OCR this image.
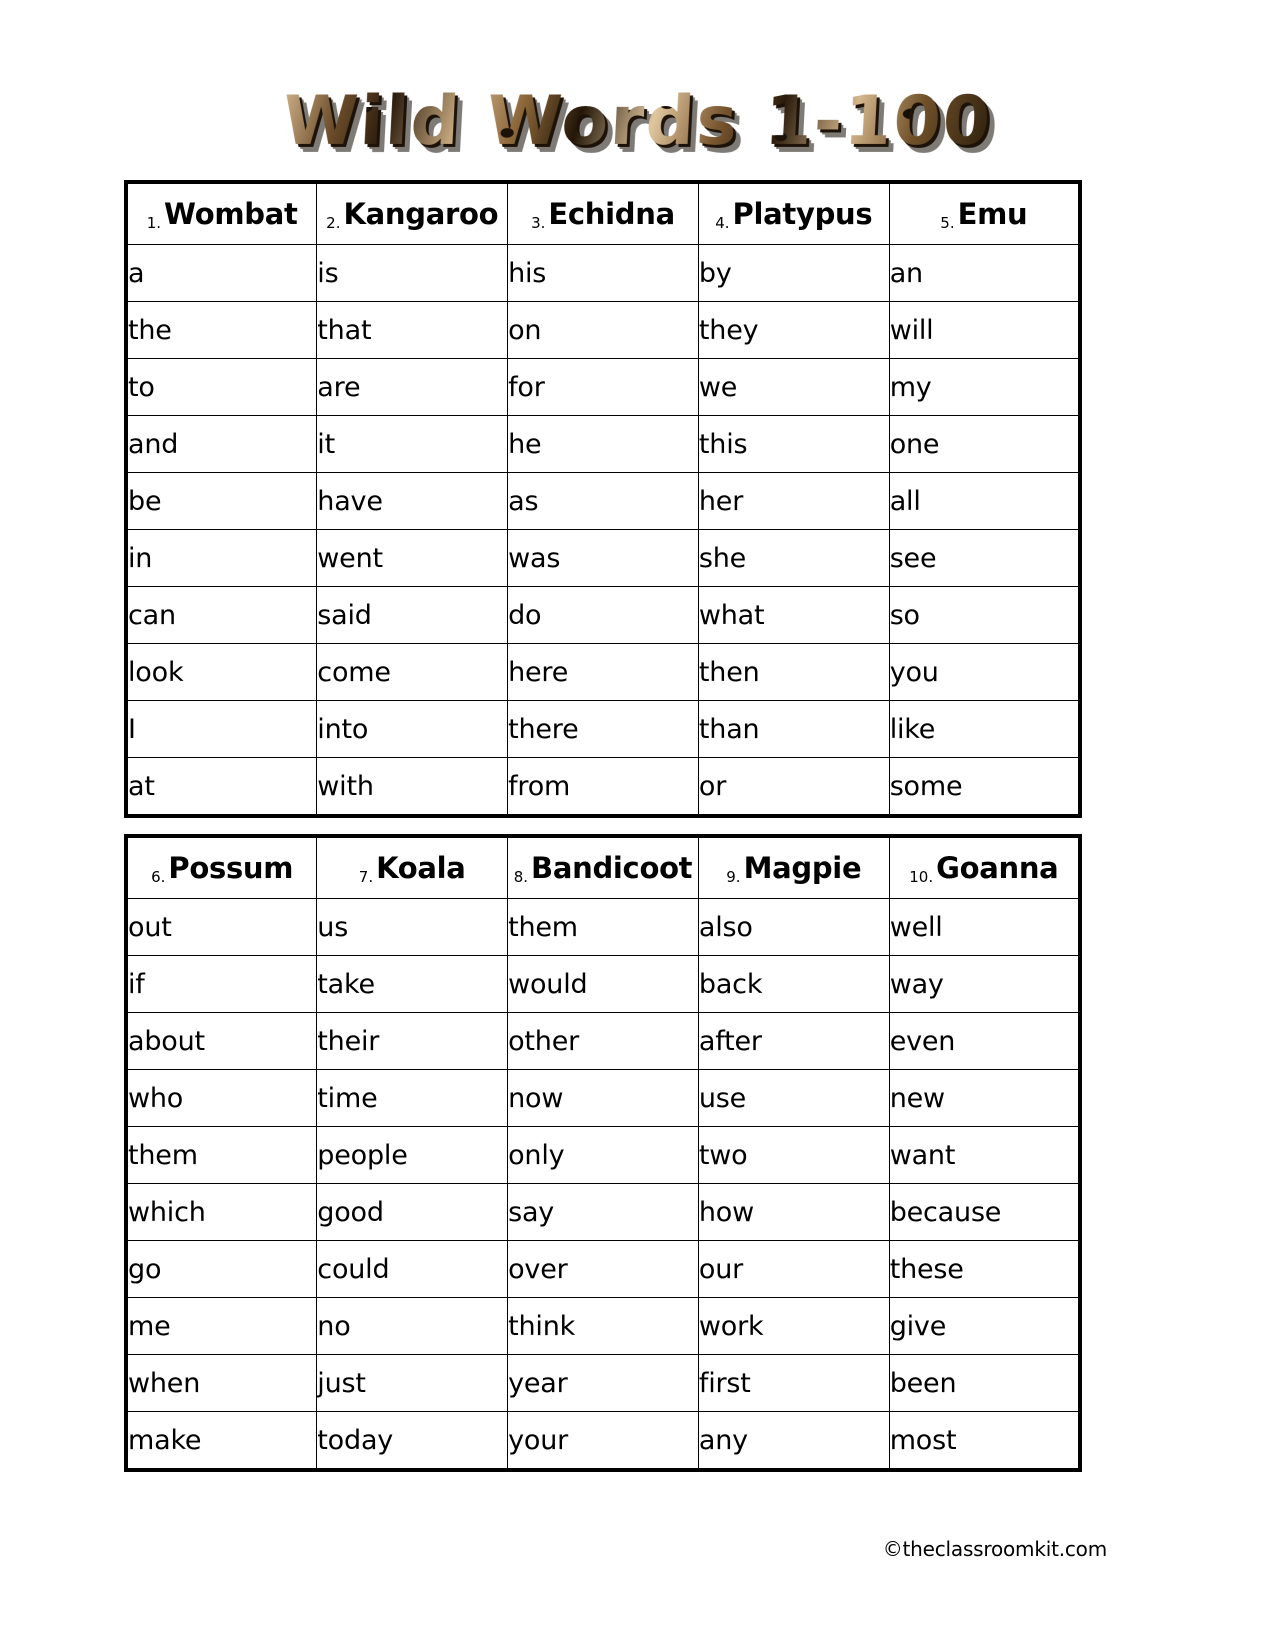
Wild Words 1-100
1. Wombat	2. Kangaroo	3. Echidna	4. Platypus	5. Emu
a	is	his	by	an
the	that	on	they	will
to	are	for	we	my
and	it	he	this	one
be	have	as	her	all
in	went	was	she	see
can	said	do	what	so
look	come	here	then	you
I	into	there	than	like
at	with	from	or	some
6. Possum	7. Koala	8. Bandicoot	9. Magpie	10. Goanna
out	us	them	also	well
if	take	would	back	way
about	their	other	after	even
who	time	now	use	new
them	people	only	two	want
which	good	say	how	because
go	could	over	our	these
me	no	think	work	give
when	just	year	first	been
make	today	your	any	most
©theclassroomkit.com
